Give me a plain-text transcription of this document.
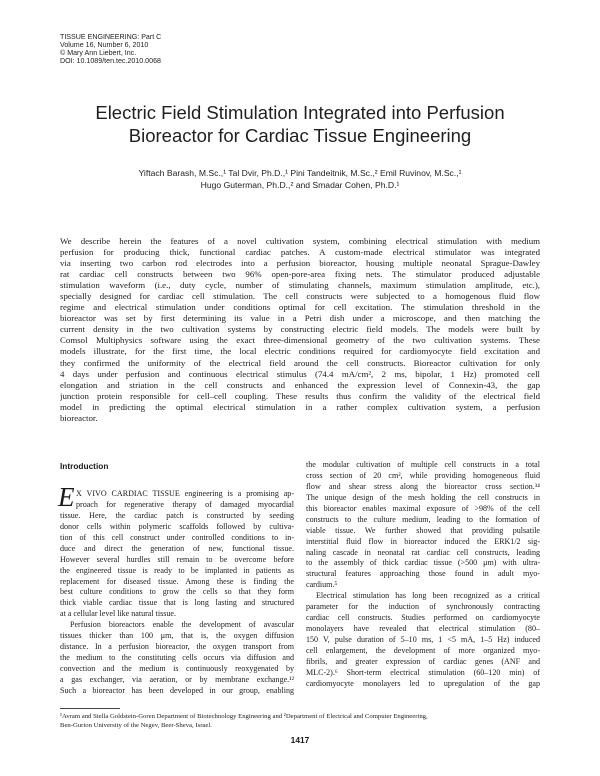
TISSUE ENGINEERING: Part C
Volume 16, Number 6, 2010
© Mary Ann Liebert, Inc.
DOI: 10.1089/ten.tec.2010.0068
Electric Field Stimulation Integrated into Perfusion
Bioreactor for Cardiac Tissue Engineering
Yiftach Barash, M.Sc.,¹ Tal Dvir, Ph.D.,¹ Pini Tandeitnik, M.Sc.,² Emil Ruvinov, M.Sc.,¹
Hugo Guterman, Ph.D.,² and Smadar Cohen, Ph.D.¹
We describe herein the features of a novel cultivation system, combining electrical stimulation with medium
perfusion for producing thick, functional cardiac patches. A custom-made electrical stimulator was integrated
via inserting two carbon rod electrodes into a perfusion bioreactor, housing multiple neonatal Sprague-Dawley
rat cardiac cell constructs between two 96% open-pore-area fixing nets. The stimulator produced adjustable
stimulation waveform (i.e., duty cycle, number of stimulating channels, maximum stimulation amplitude, etc.),
specially designed for cardiac cell stimulation. The cell constructs were subjected to a homogenous fluid flow
regime and electrical stimulation under conditions optimal for cell excitation. The stimulation threshold in the
bioreactor was set by first determining its value in a Petri dish under a microscope, and then matching the
current density in the two cultivation systems by constructing electric field models. The models were built by
Comsol Multiphysics software using the exact three-dimensional geometry of the two cultivation systems. These
models illustrate, for the first time, the local electric conditions required for cardiomyocyte field excitation and
they confirmed the uniformity of the electrical field around the cell constructs. Bioreactor cultivation for only
4 days under perfusion and continuous electrical stimulus (74.4 mA/cm², 2 ms, bipolar, 1 Hz) promoted cell
elongation and striation in the cell constructs and enhanced the expression level of Connexin-43, the gap
junction protein responsible for cell–cell coupling. These results thus confirm the validity of the electrical field
model in predicting the optimal electrical stimulation in a rather complex cultivation system, a perfusion
bioreactor.
Introduction
E X VIVO CARDIAC TISSUE engineering is a promising ap-
proach for regenerative therapy of damaged myocardial
tissue. Here, the cardiac patch is constructed by seeding
donor cells within polymeric scaffolds followed by cultiva-
tion of this cell construct under controlled conditions to in-
duce and direct the generation of new, functional tissue.
However several hurdles still remain to be overcome before
the engineered tissue is ready to be implanted in patients as
replacement for diseased tissue. Among these is finding the
best culture conditions to grow the cells so that they form
thick viable cardiac tissue that is long lasting and structured
at a cellular level like natural tissue.
Perfusion bioreactors enable the development of avascular
tissues thicker than 100 μm, that is, the oxygen diffusion
distance. In a perfusion bioreactor, the oxygen transport from
the medium to the constituting cells occurs via diffusion and
convection and the medium is continuously reoxygenated by
a gas exchanger, via aeration, or by membrane exchange.¹²
Such a bioreactor has been developed in our group, enabling
the modular cultivation of multiple cell constructs in a total
cross section of 20 cm², while providing homogeneous fluid
flow and shear stress along the bioreactor cross section.³⁴
The unique design of the mesh holding the cell constructs in
this bioreactor enables maximal exposure of >98% of the cell
constructs to the culture medium, leading to the formation of
viable tissue. We further showed that providing pulsatile
interstitial fluid flow in bioreactor induced the ERK1/2 sig-
naling cascade in neonatal rat cardiac cell constructs, leading
to the assembly of thick cardiac tissue (>500 μm) with ultra-
structural features approaching those found in adult myo-
cardium.⁵
Electrical stimulation has long been recognized as a critical
parameter for the induction of synchronously contracting
cardiac cell constructs. Studies performed on cardiomyocyte
monolayers have revealed that electrical stimulation (80–
150 V, pulse duration of 5–10 ms, 1 <5 mA, 1–5 Hz) induced
cell enlargement, the development of more organized myo-
fibrils, and greater expression of cardiac genes (ANF and
MLC-2).⁶ Short-term electrical stimulation (60–120 min) of
cardiomyocyte monolayers led to upregulation of the gap
¹Avram and Stella Goldstein-Goren Department of Biotechnology Engineering and ²Department of Electrical and Computer Engineering,
Ben-Gurion University of the Negev, Beer-Sheva, Israel.
1417
